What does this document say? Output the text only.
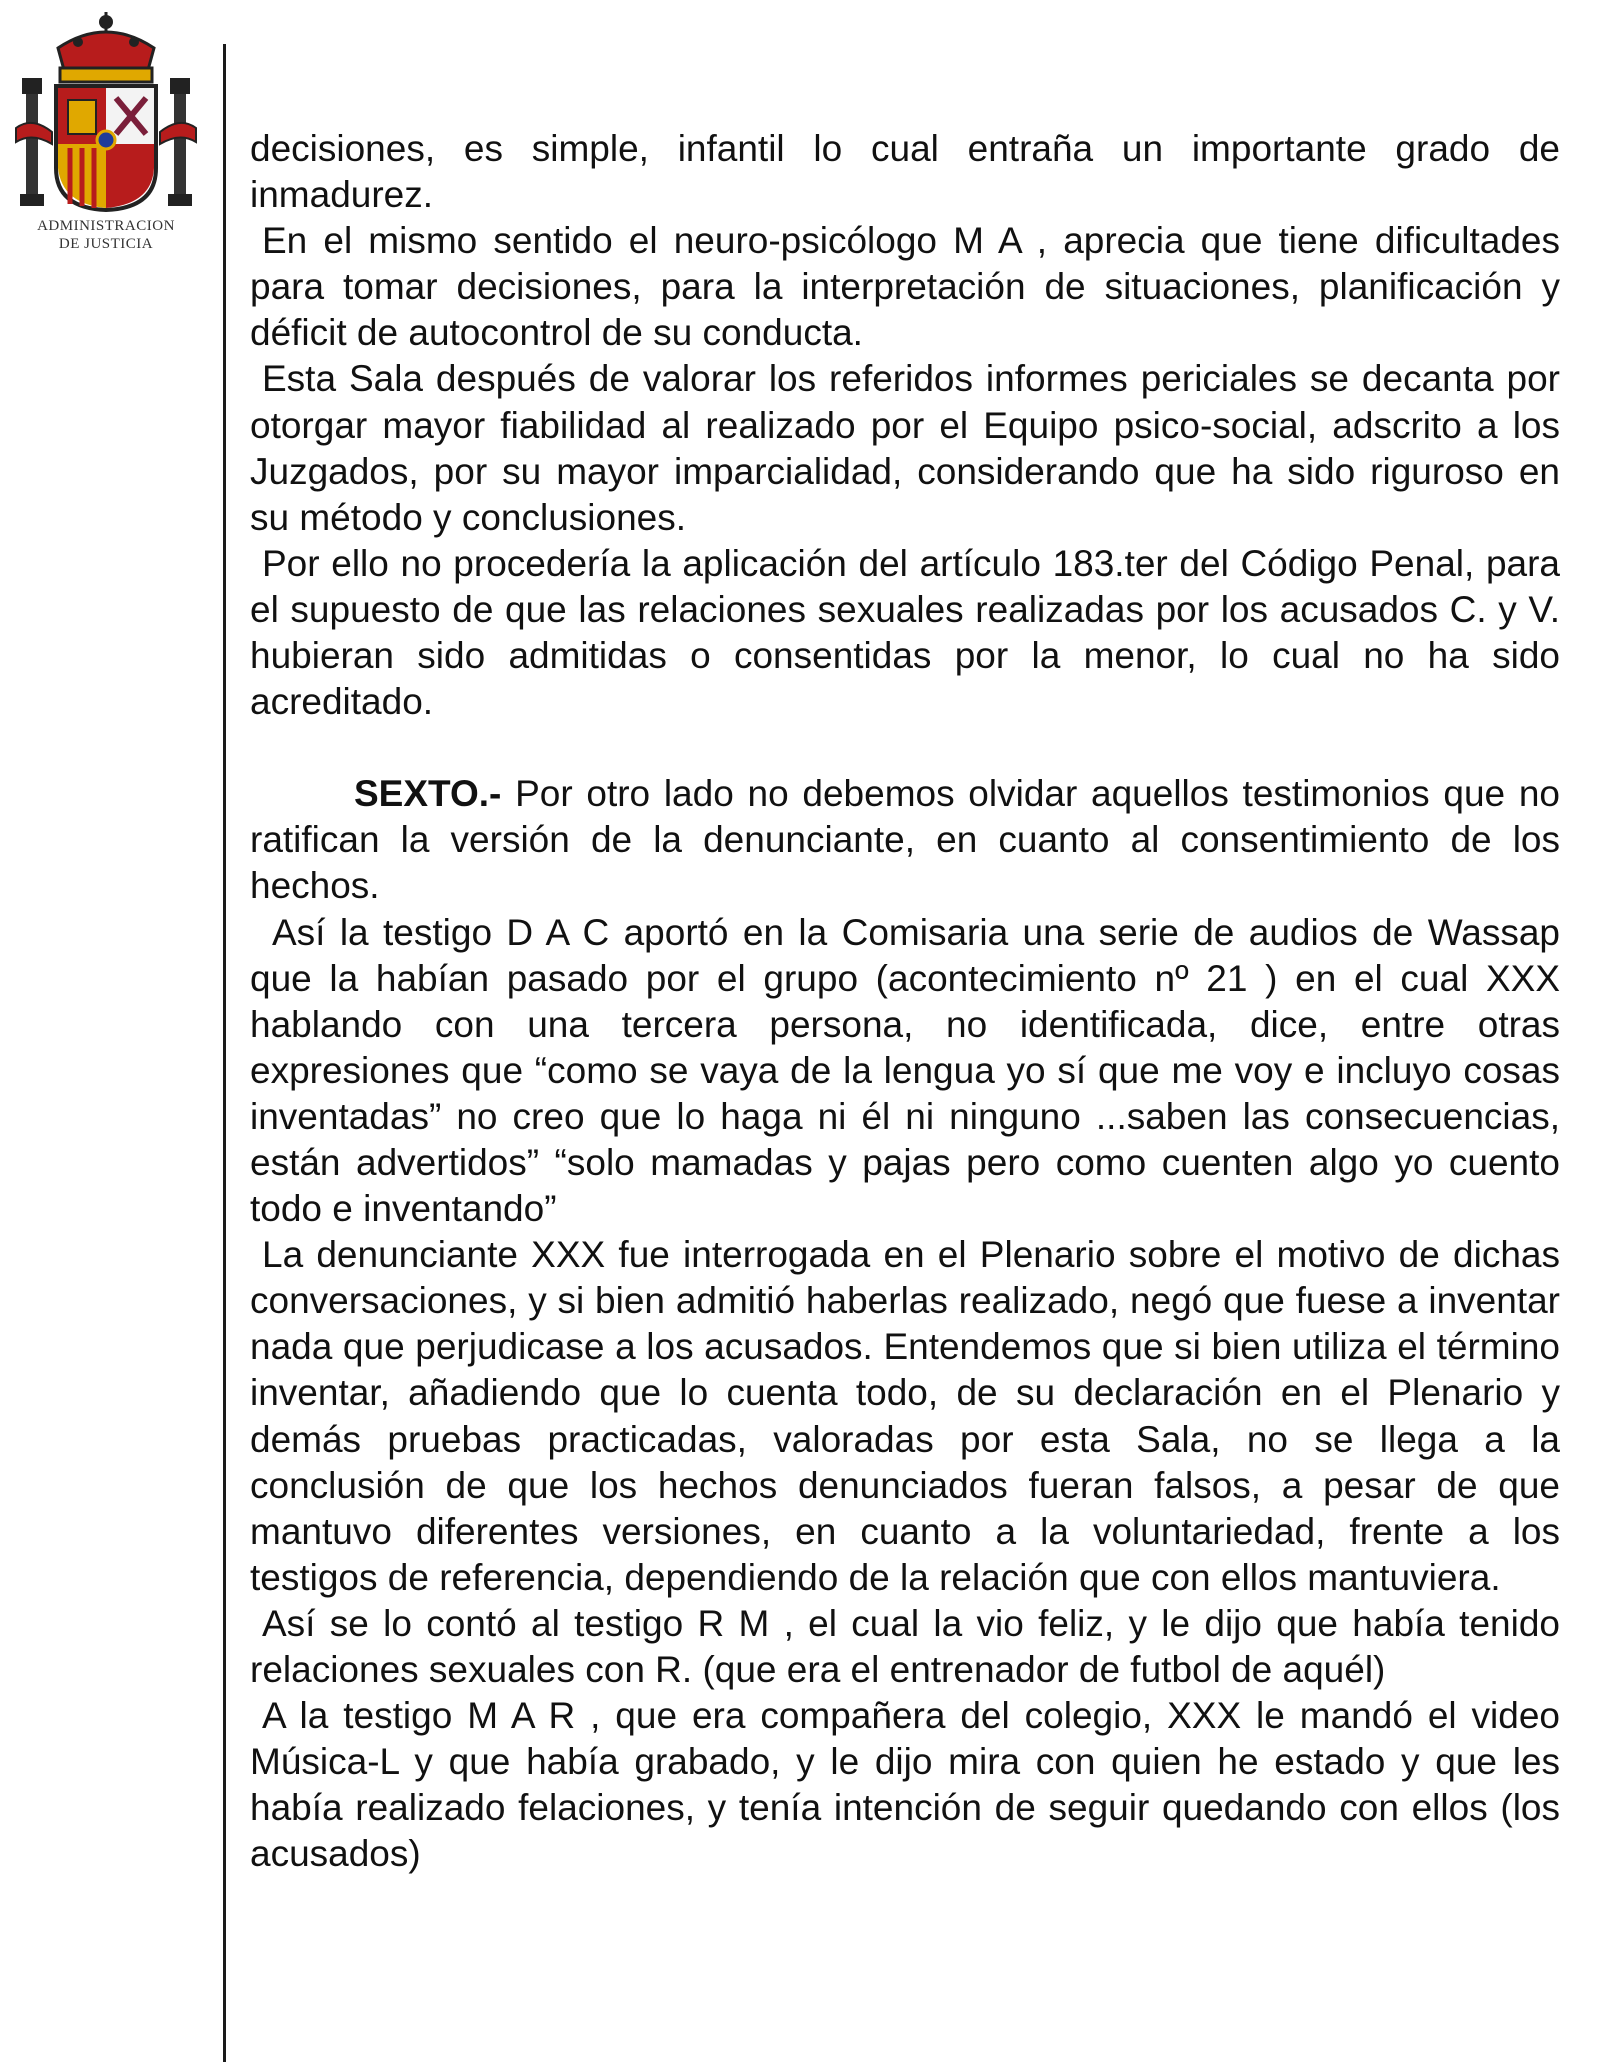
ADMINISTRACION
DE JUSTICIA

decisiones, es simple, infantil lo cual entraña un importante grado de inmadurez.

En el mismo sentido el neuro-psicólogo M A , aprecia que tiene dificultades para tomar decisiones, para la interpretación de situaciones, planificación y déficit de autocontrol de su conducta.

Esta Sala después de valorar los referidos informes periciales se decanta por otorgar mayor fiabilidad al realizado por el Equipo psico-social, adscrito a los Juzgados, por su mayor imparcialidad, considerando que ha sido riguroso en su método y conclusiones.

Por ello no procedería la aplicación del artículo 183.ter del Código Penal, para el supuesto de que las relaciones sexuales realizadas por los acusados C. y V. hubieran sido admitidas o consentidas por la menor, lo cual no ha sido acreditado.

SEXTO.- Por otro lado no debemos olvidar aquellos testimonios que no ratifican la versión de la denunciante, en cuanto al consentimiento de los hechos.

Así la testigo D A C aportó en la Comisaria una serie de audios de Wassap que la habían pasado por el grupo (acontecimiento nº 21 ) en el cual XXX hablando con una tercera persona, no identificada, dice, entre otras expresiones que “como se vaya de la lengua yo sí que me voy e incluyo cosas inventadas” no creo que lo haga ni él ni ninguno ...saben las consecuencias, están advertidos” “solo mamadas y pajas pero como cuenten algo yo cuento todo e inventando”

La denunciante XXX fue interrogada en el Plenario sobre el motivo de dichas conversaciones, y si bien admitió haberlas realizado, negó que fuese a inventar nada que perjudicase a los acusados. Entendemos que si bien utiliza el término inventar, añadiendo que lo cuenta todo, de su declaración en el Plenario y demás pruebas practicadas, valoradas por esta Sala, no se llega a la conclusión de que los hechos denunciados fueran falsos, a pesar de que mantuvo diferentes versiones, en cuanto a la voluntariedad, frente a los testigos de referencia, dependiendo de la relación que con ellos mantuviera.

Así se lo contó al testigo R M , el cual la vio feliz, y le dijo que había tenido relaciones sexuales con R. (que era el entrenador de futbol de aquél)

A la testigo M A R , que era compañera del colegio, XXX le mandó el video Música-L y que había grabado, y le dijo mira con quien he estado y que les había realizado felaciones, y tenía intención de seguir quedando con ellos (los acusados)
